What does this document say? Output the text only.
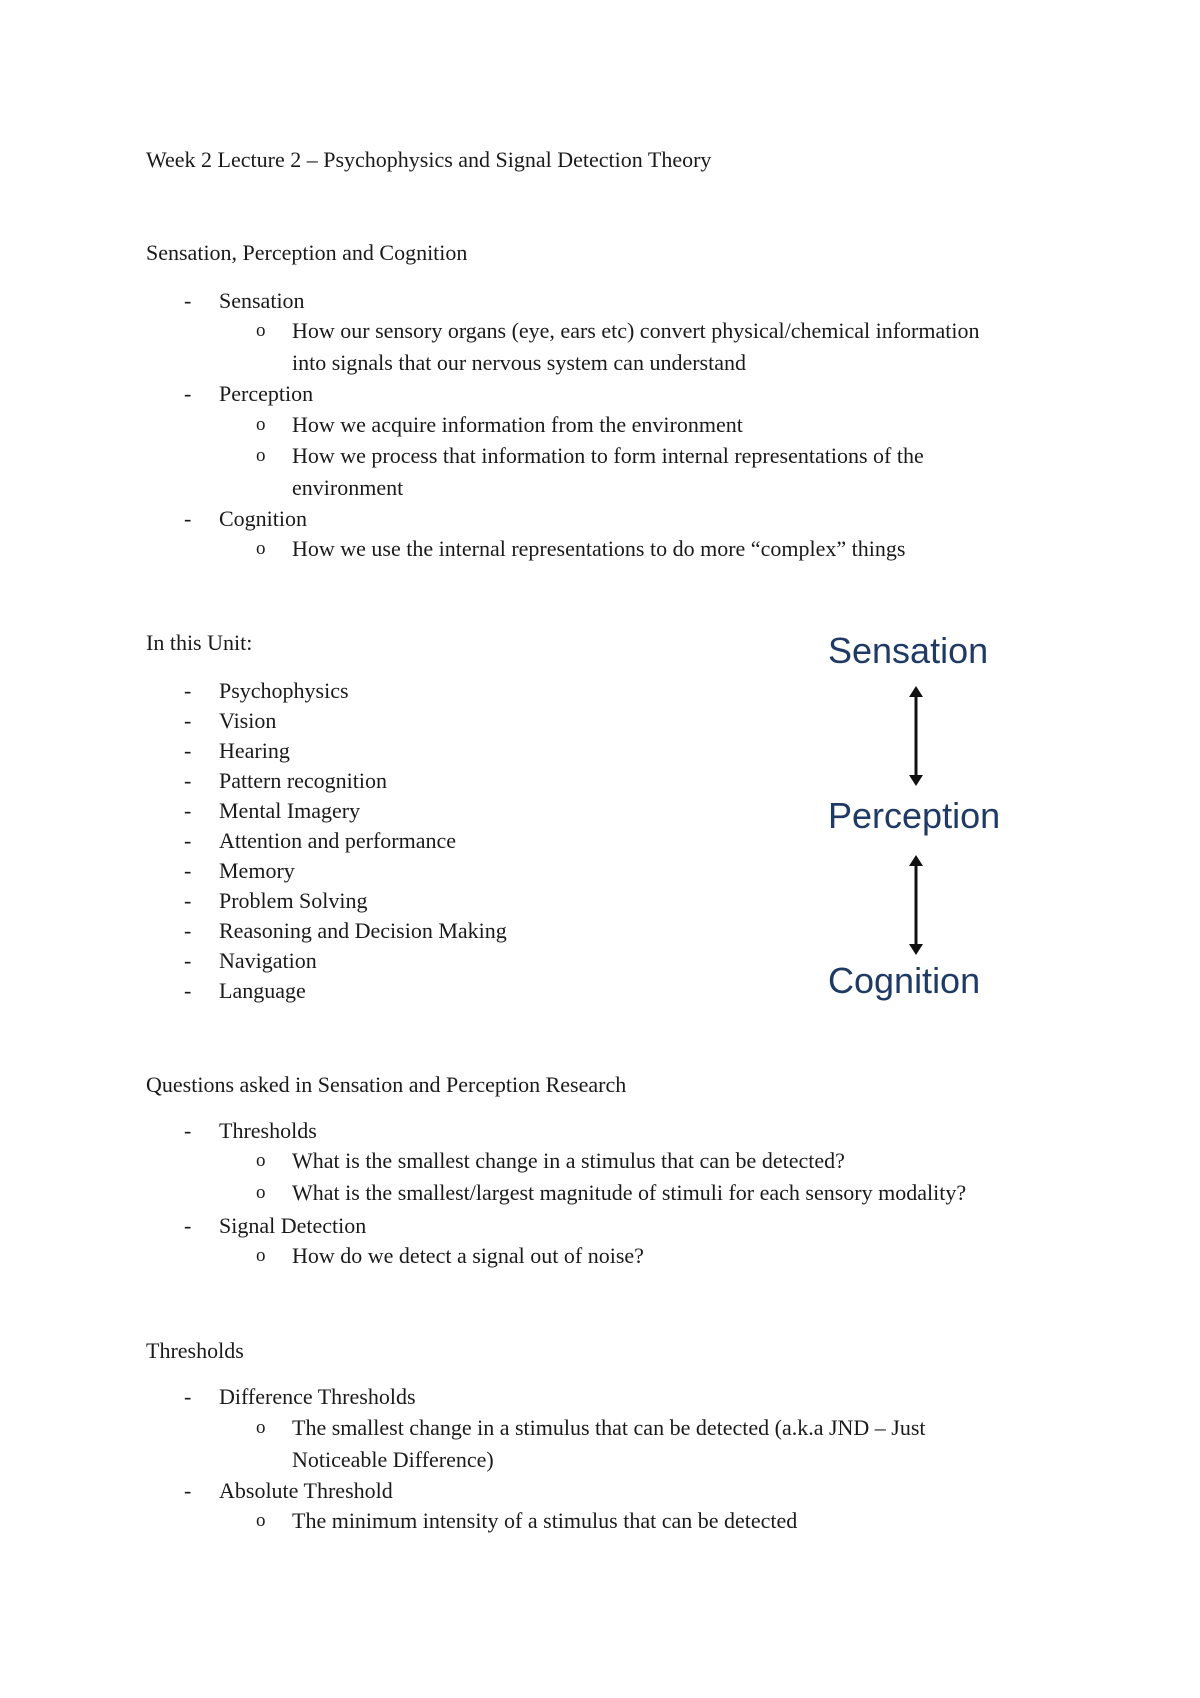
Week 2 Lecture 2 – Psychophysics and Signal Detection Theory
Sensation, Perception and Cognition
-	Sensation
o How our sensory organs (eye, ears etc) convert physical/chemical information
into signals that our nervous system can understand
-	Perception
o How we acquire information from the environment
o How we process that information to form internal representations of the
environment
-	Cognition
o How we use the internal representations to do more “complex” things
In this Unit:
-	Psychophysics
-	Vision
-	Hearing
-	Pattern recognition
-	Mental Imagery
-	Attention and performance
-	Memory
-	Problem Solving
-	Reasoning and Decision Making
-	Navigation
-	Language
Questions asked in Sensation and Perception Research
-	Thresholds
o What is the smallest change in a stimulus that can be detected?
o What is the smallest/largest magnitude of stimuli for each sensory modality?
-	Signal Detection
o How do we detect a signal out of noise?
Thresholds
-	Difference Thresholds
o The smallest change in a stimulus that can be detected (a.k.a JND – Just
Noticeable Difference)
-	Absolute Threshold
o The minimum intensity of a stimulus that can be detected
Sensation
Perception
Cognition
